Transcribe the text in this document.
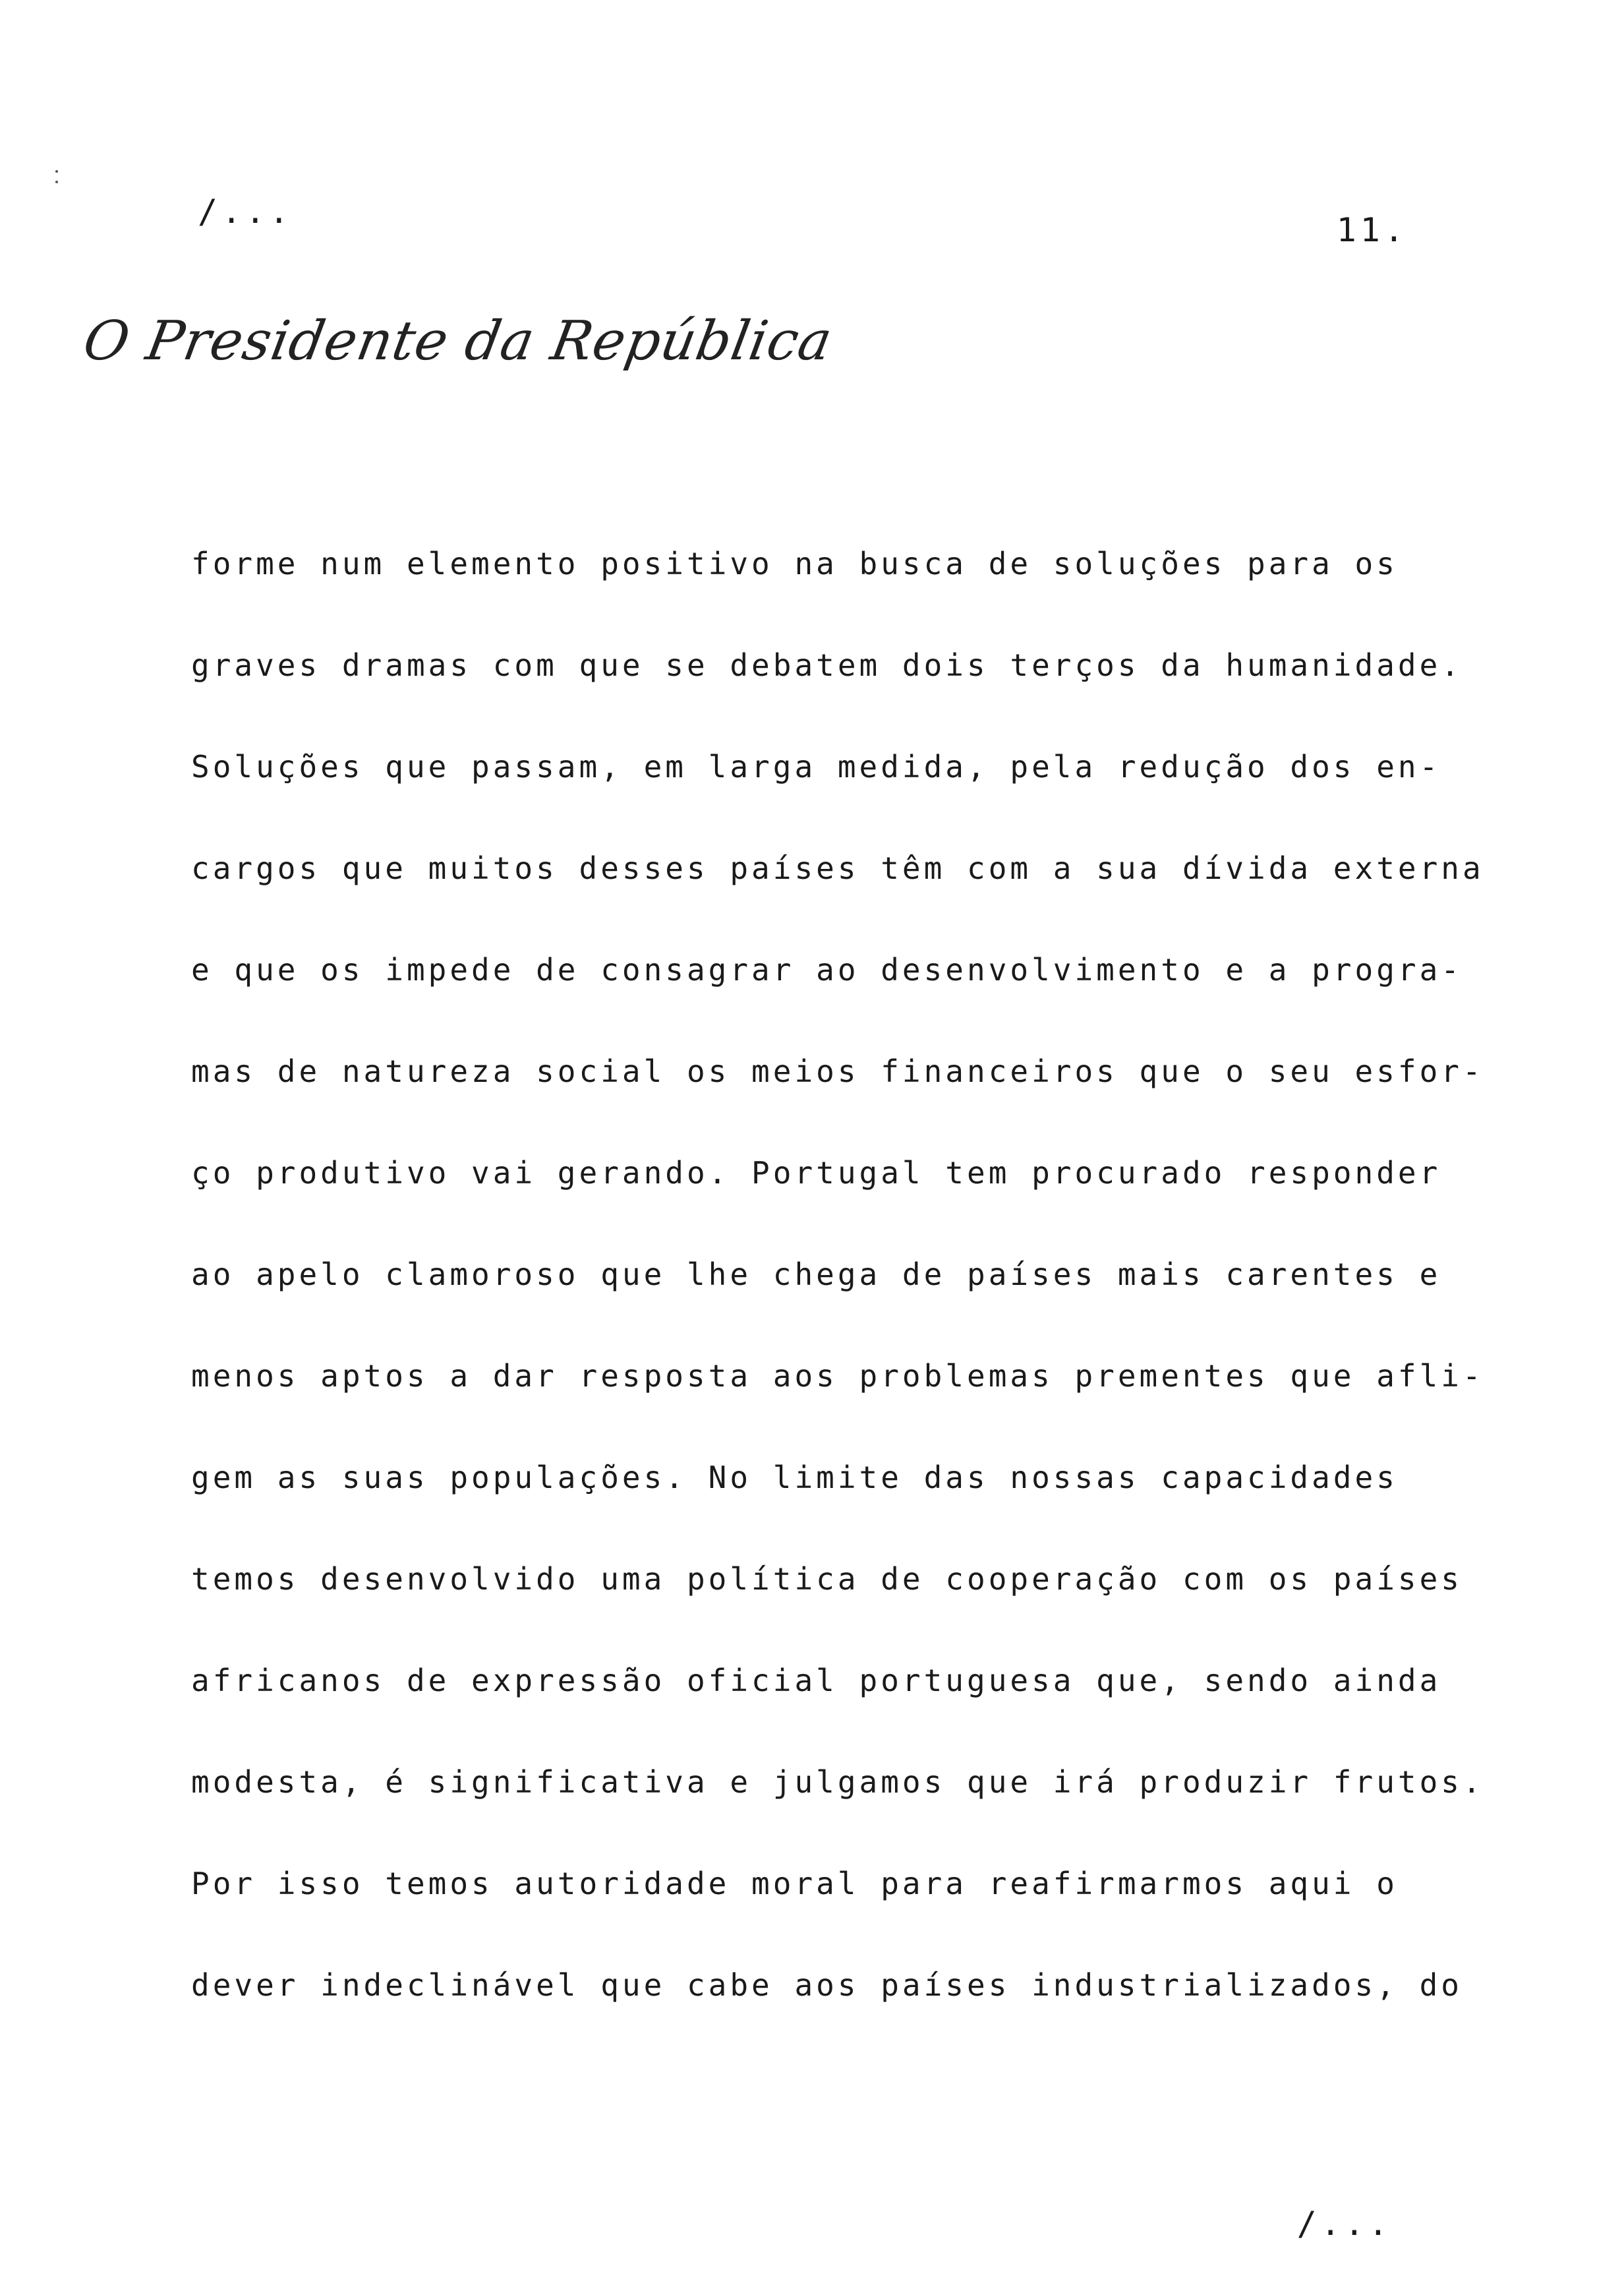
/...	11.
O Presidente da República
forme num elemento positivo na busca de soluções para os
graves dramas com que se debatem dois terços da humanidade.
Soluções que passam, em larga medida, pela redução dos en-
cargos que muitos desses países têm com a sua dívida externa
e que os impede de consagrar ao desenvolvimento e a progra-
mas de natureza social os meios financeiros que o seu esfor-
ço produtivo vai gerando. Portugal tem procurado responder
ao apelo clamoroso que lhe chega de países mais carentes e
menos aptos a dar resposta aos problemas prementes que afli-
gem as suas populações. No limite das nossas capacidades
temos desenvolvido uma política de cooperação com os países
africanos de expressão oficial portuguesa que, sendo ainda
modesta, é significativa e julgamos que irá produzir frutos.
Por isso temos autoridade moral para reafirmarmos aqui o
dever indeclinável que cabe aos países industrializados, do
/...
